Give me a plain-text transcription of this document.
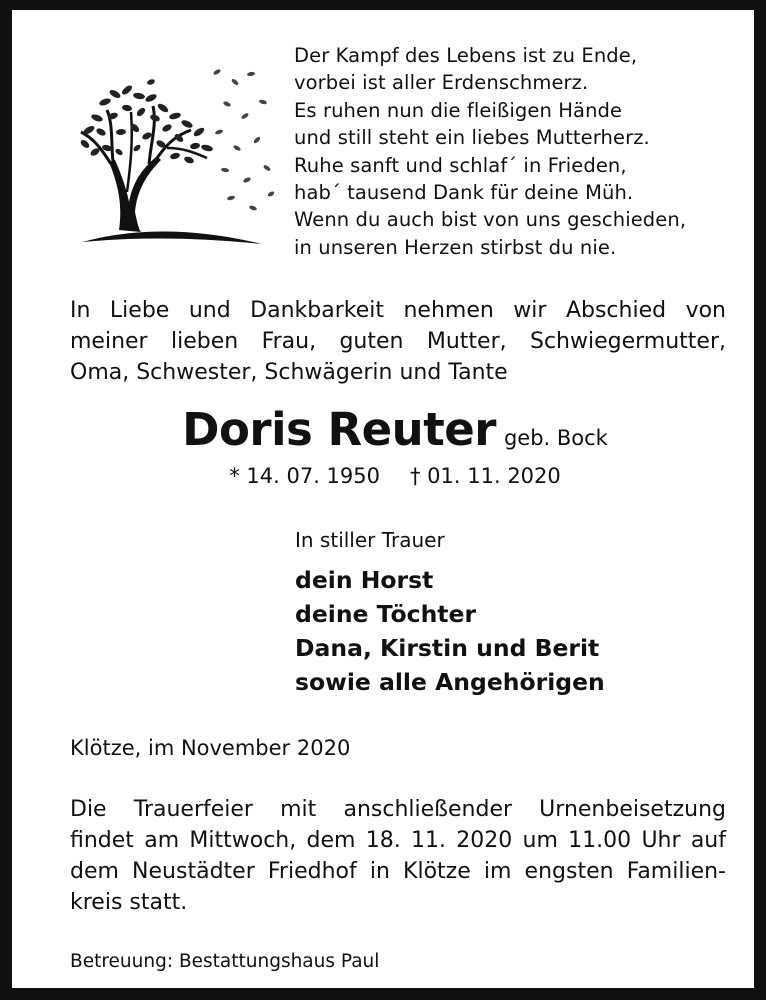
Der Kampf des Lebens ist zu Ende,
vorbei ist aller Erdenschmerz.
Es ruhen nun die fleißigen Hände
und still steht ein liebes Mutterherz.
Ruhe sanft und schlaf´ in Frieden,
hab´ tausend Dank für deine Müh.
Wenn du auch bist von uns geschieden,
in unseren Herzen stirbst du nie.
In Liebe und Dankbarkeit nehmen wir Abschied von
meiner lieben Frau, guten Mutter, Schwiegermutter,
Oma, Schwester, Schwägerin und Tante
Doris Reuter geb. Bock
* 14. 07. 1950 † 01. 11. 2020
In stiller Trauer
dein Horst
deine Töchter
Dana, Kirstin und Berit
sowie alle Angehörigen
Klötze, im November 2020
Die Trauerfeier mit anschließender Urnenbeisetzung
findet am Mittwoch, dem 18. 11. 2020 um 11.00 Uhr auf
dem Neustädter Friedhof in Klötze im engsten Familien-
kreis statt.
Betreuung: Bestattungshaus Paul
